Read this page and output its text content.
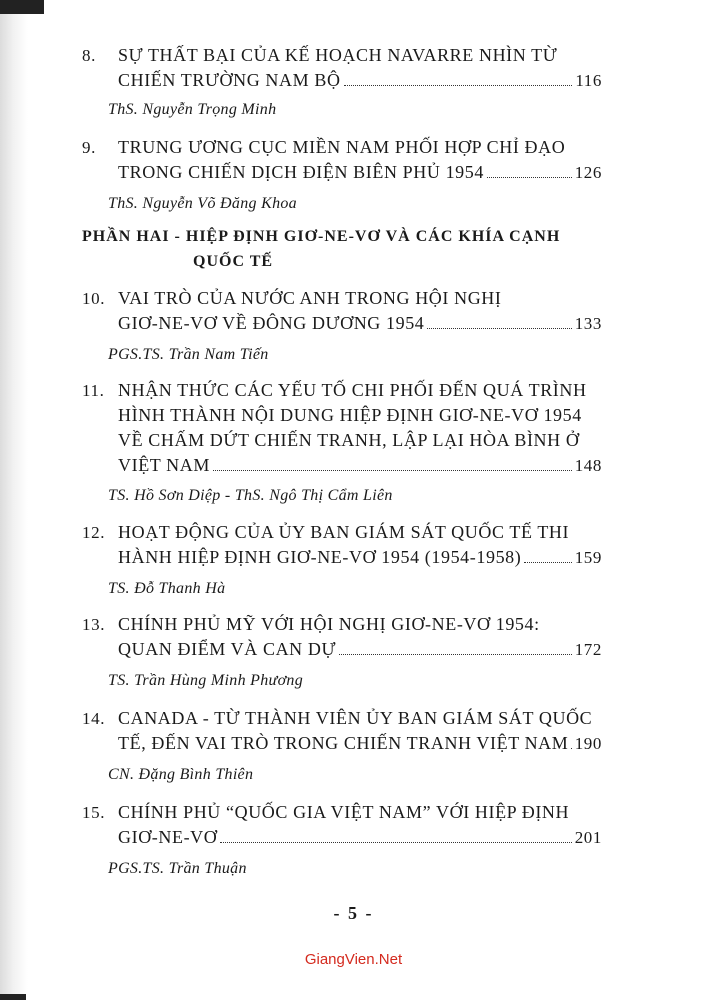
8. SỰ THẤT BẠI CỦA KẾ HOẠCH NAVARRE NHÌN TỪ
CHIẾN TRƯỜNG NAM BỘ	116
ThS. Nguyễn Trọng Minh
9. TRUNG ƯƠNG CỤC MIỀN NAM PHỐI HỢP CHỈ ĐẠO
TRONG CHIẾN DỊCH ĐIỆN BIÊN PHỦ 1954	126
ThS. Nguyễn Võ Đăng Khoa
PHẦN HAI - HIỆP ĐỊNH GIƠ-NE-VƠ VÀ CÁC KHÍA CẠNH
QUỐC TẾ
10. VAI TRÒ CỦA NƯỚC ANH TRONG HỘI NGHỊ
GIƠ-NE-VƠ VỀ ĐÔNG DƯƠNG 1954	133
PGS.TS. Trần Nam Tiến
11. NHẬN THỨC CÁC YẾU TỐ CHI PHỐI ĐẾN QUÁ TRÌNH
HÌNH THÀNH NỘI DUNG HIỆP ĐỊNH GIƠ-NE-VƠ 1954
VỀ CHẤM DỨT CHIẾN TRANH, LẬP LẠI HÒA BÌNH Ở
VIỆT NAM	148
TS. Hồ Sơn Diệp - ThS. Ngô Thị Cẩm Liên
12. HOẠT ĐỘNG CỦA ỦY BAN GIÁM SÁT QUỐC TẾ THI
HÀNH HIỆP ĐỊNH GIƠ-NE-VƠ 1954 (1954-1958)	159
TS. Đỗ Thanh Hà
13. CHÍNH PHỦ MỸ VỚI HỘI NGHỊ GIƠ-NE-VƠ 1954:
QUAN ĐIỂM VÀ CAN DỰ	172
TS. Trần Hùng Minh Phương
14. CANADA - TỪ THÀNH VIÊN ỦY BAN GIÁM SÁT QUỐC
TẾ, ĐẾN VAI TRÒ TRONG CHIẾN TRANH VIỆT NAM 190
CN. Đặng Bình Thiên
15. CHÍNH PHỦ “QUỐC GIA VIỆT NAM” VỚI HIỆP ĐỊNH
GIƠ-NE-VƠ	201
PGS.TS. Trần Thuận
- 5 -
GiangVien.Net
